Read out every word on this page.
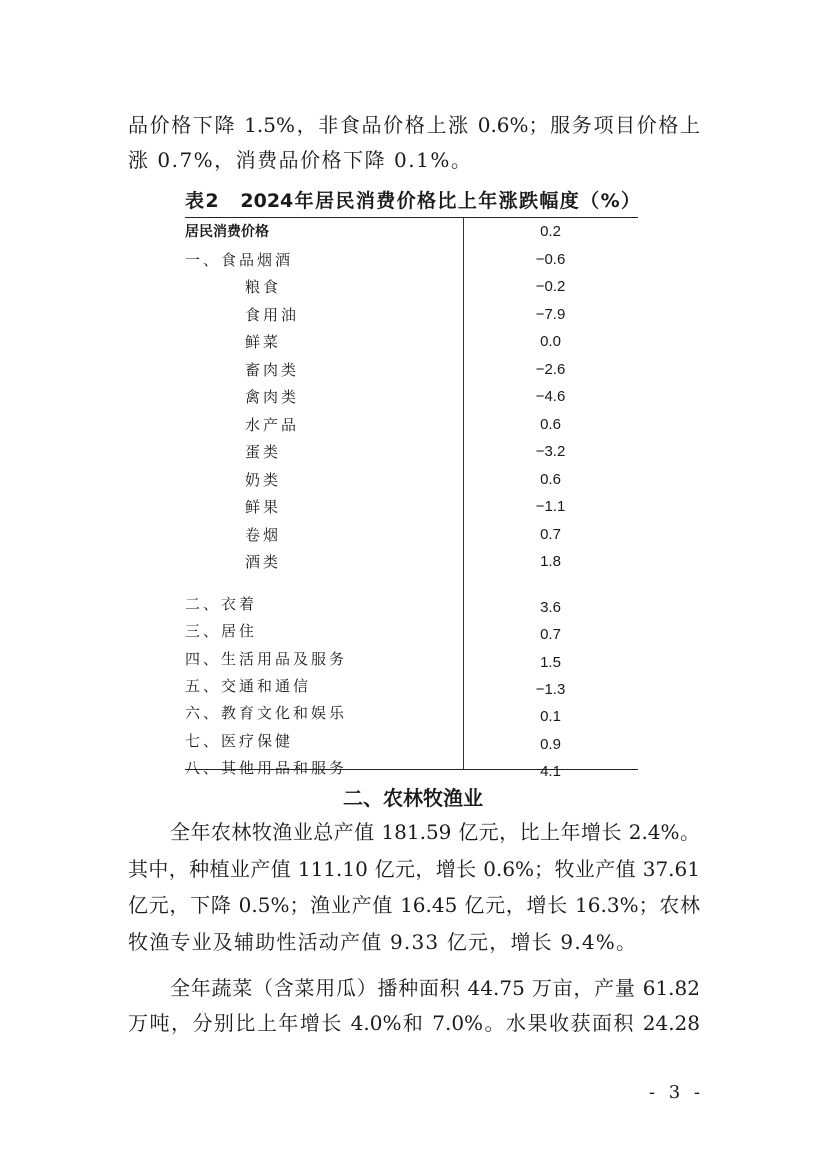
品价格下降 1.5%，非食品价格上涨 0.6%；服务项目价格上
涨 0.7%，消费品价格下降 0.1%。
表2　2024年居民消费价格比上年涨跌幅度（%）
居民消费价格	0.2
一、食品烟酒	−0.6
粮食	−0.2
食用油	−7.9
鲜菜	0.0
畜肉类	−2.6
禽肉类	−4.6
水产品	0.6
蛋类	−3.2
奶类	0.6
鲜果	−1.1
卷烟	0.7
酒类	1.8
二、衣着	3.6
三、居住	0.7
四、生活用品及服务	1.5
五、交通和通信	−1.3
六、教育文化和娱乐	0.1
七、医疗保健	0.9
八、其他用品和服务	4.1
二、农林牧渔业
全年农林牧渔业总产值 181.59 亿元，比上年增长 2.4%。
其中，种植业产值 111.10 亿元，增长 0.6%；牧业产值 37.61
亿元，下降 0.5%；渔业产值 16.45 亿元，增长 16.3%；农林
牧渔专业及辅助性活动产值 9.33 亿元，增长 9.4%。
全年蔬菜（含菜用瓜）播种面积 44.75 万亩，产量 61.82
万吨，分别比上年增长 4.0%和 7.0%。水果收获面积 24.28
- 3 -
